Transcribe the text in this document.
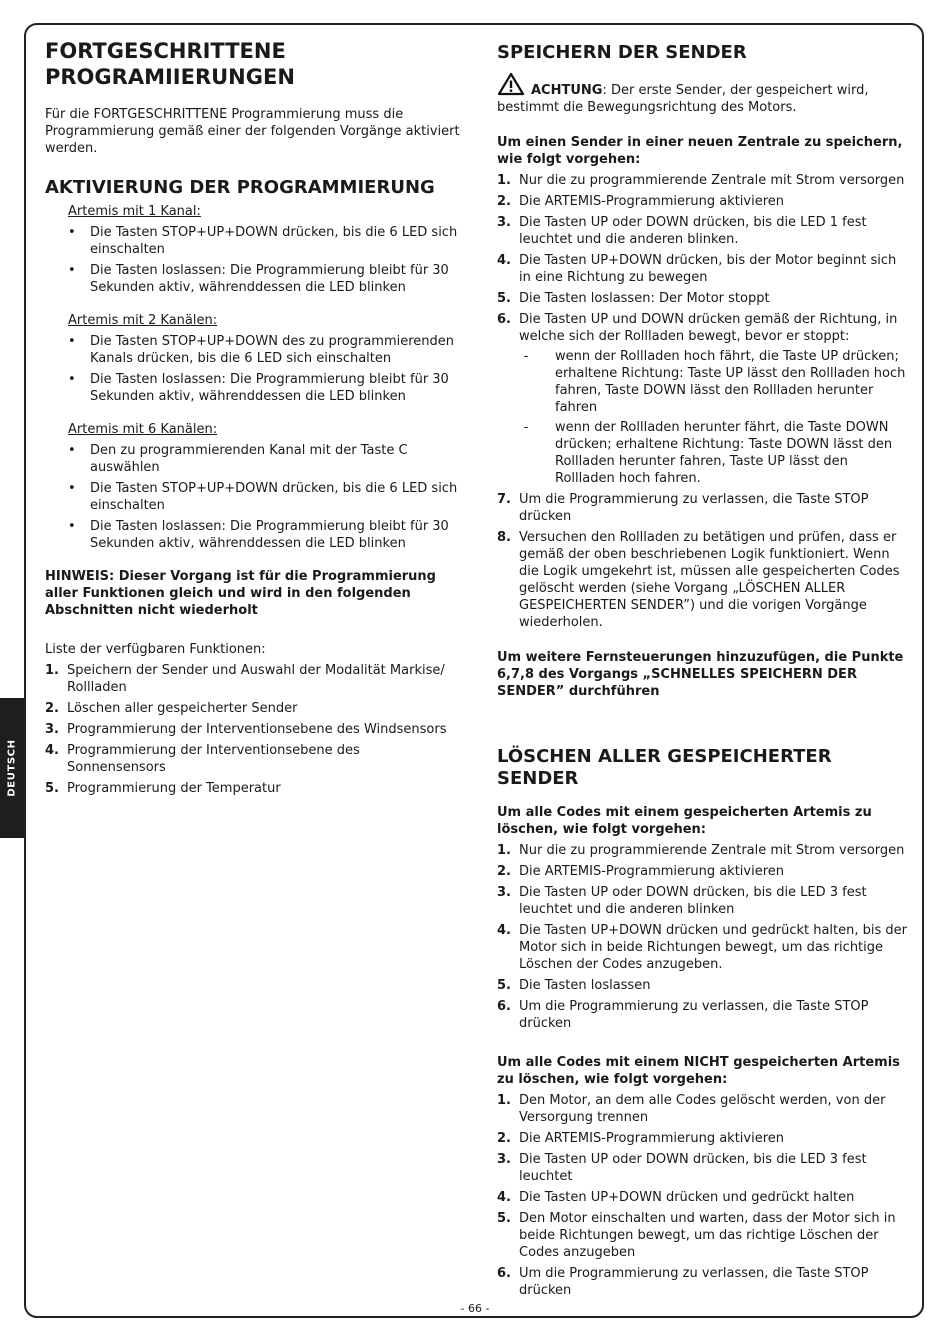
DEUTSCH
FORTGESCHRITTENE PROGRAMIIERUNGEN

Für die FORTGESCHRITTENE Programmierung muss die Programmierung gemäß einer der folgenden Vorgänge aktiviert werden.

AKTIVIERUNG DER PROGRAMMIERUNG

Artemis mit 1 Kanal:

• Die Tasten STOP+UP+DOWN drücken, bis die 6 LED sich einschalten
• Die Tasten loslassen: Die Programmierung bleibt für 30 Sekunden aktiv, währenddessen die LED blinken

Artemis mit 2 Kanälen:

• Die Tasten STOP+UP+DOWN des zu programmierenden Kanals drücken, bis die 6 LED sich einschalten
• Die Tasten loslassen: Die Programmierung bleibt für 30 Sekunden aktiv, währenddessen die LED blinken

Artemis mit 6 Kanälen:

• Den zu programmierenden Kanal mit der Taste C auswählen
• Die Tasten STOP+UP+DOWN drücken, bis die 6 LED sich einschalten
• Die Tasten loslassen: Die Programmierung bleibt für 30 Sekunden aktiv, währenddessen die LED blinken

HINWEIS: Dieser Vorgang ist für die Programmierung aller Funktionen gleich und wird in den folgenden Abschnitten nicht wiederholt

Liste der verfügbaren Funktionen:

1. Speichern der Sender und Auswahl der Modalität Markise/ Rollladen
2. Löschen aller gespeicherter Sender
3. Programmierung der Interventionsebene des Windsensors
4. Programmierung der Interventionsebene des Sonnensensors
5. Programmierung der Temperatur
SPEICHERN DER SENDER

ACHTUNG: Der erste Sender, der gespeichert wird, bestimmt die Bewegungsrichtung des Motors.

Um einen Sender in einer neuen Zentrale zu speichern, wie folgt vorgehen:

1. Nur die zu programmierende Zentrale mit Strom versorgen
2. Die ARTEMIS-Programmierung aktivieren
3. Die Tasten UP oder DOWN drücken, bis die LED 1 fest leuchtet und die anderen blinken.
4. Die Tasten UP+DOWN drücken, bis der Motor beginnt sich in eine Richtung zu bewegen
5. Die Tasten loslassen: Der Motor stoppt
6. Die Tasten UP und DOWN drücken gemäß der Richtung, in welche sich der Rollladen bewegt, bevor er stoppt:
-	wenn der Rollladen hoch fährt, die Taste UP drücken; erhaltene Richtung: Taste UP lässt den Rollladen hoch fahren, Taste DOWN lässt den Rollladen herunter fahren
-	wenn der Rollladen herunter fährt, die Taste DOWN drücken; erhaltene Richtung: Taste DOWN lässt den Rollladen herunter fahren, Taste UP lässt den Rollladen hoch fahren.
7. Um die Programmierung zu verlassen, die Taste STOP drücken
8. Versuchen den Rollladen zu betätigen und prüfen, dass er gemäß der oben beschriebenen Logik funktioniert. Wenn die Logik umgekehrt ist, müssen alle gespeicherten Codes gelöscht werden (siehe Vorgang „LÖSCHEN ALLER GESPEICHERTEN SENDER”) und die vorigen Vorgänge wiederholen.

Um weitere Fernsteuerungen hinzuzufügen, die Punkte 6,7,8 des Vorgangs „SCHNELLES SPEICHERN DER SENDER” durchführen

LÖSCHEN ALLER GESPEICHERTER SENDER

Um alle Codes mit einem gespeicherten Artemis zu löschen, wie folgt vorgehen:

1. Nur die zu programmierende Zentrale mit Strom versorgen
2. Die ARTEMIS-Programmierung aktivieren
3. Die Tasten UP oder DOWN drücken, bis die LED 3 fest leuchtet und die anderen blinken
4. Die Tasten UP+DOWN drücken und gedrückt halten, bis der Motor sich in beide Richtungen bewegt, um das richtige Löschen der Codes anzugeben.
5. Die Tasten loslassen
6. Um die Programmierung zu verlassen, die Taste STOP drücken

Um alle Codes mit einem NICHT gespeicherten Artemis zu löschen, wie folgt vorgehen:

1. Den Motor, an dem alle Codes gelöscht werden, von der Versorgung trennen
2. Die ARTEMIS-Programmierung aktivieren
3. Die Tasten UP oder DOWN drücken, bis die LED 3 fest leuchtet
4. Die Tasten UP+DOWN drücken und gedrückt halten
5. Den Motor einschalten und warten, dass der Motor sich in beide Richtungen bewegt, um das richtige Löschen der Codes anzugeben
6. Um die Programmierung zu verlassen, die Taste STOP drücken
- 66 -
